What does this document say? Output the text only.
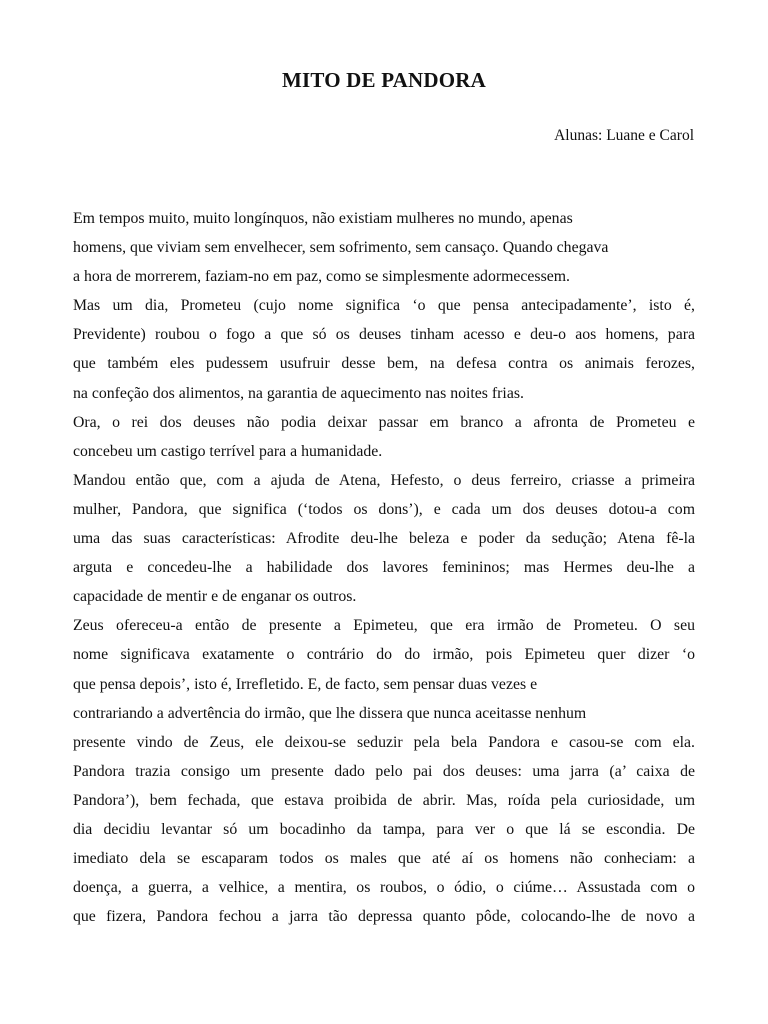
MITO DE PANDORA
Alunas: Luane e Carol
Em tempos muito, muito longínquos, não existiam mulheres no mundo, apenas
homens, que viviam sem envelhecer, sem sofrimento, sem cansaço. Quando chegava
a hora de morrerem, faziam-no em paz, como se simplesmente adormecessem.
Mas um dia, Prometeu (cujo nome significa ‘o que pensa antecipadamente’, isto é,
Previdente) roubou o fogo a que só os deuses tinham acesso e deu-o aos homens, para
que também eles pudessem usufruir desse bem, na defesa contra os animais ferozes,
na confeção dos alimentos, na garantia de aquecimento nas noites frias.
Ora, o rei dos deuses não podia deixar passar em branco a afronta de Prometeu e
concebeu um castigo terrível para a humanidade.
Mandou então que, com a ajuda de Atena, Hefesto, o deus ferreiro, criasse a primeira
mulher, Pandora, que significa (‘todos os dons’), e cada um dos deuses dotou-a com
uma das suas características: Afrodite deu-lhe beleza e poder da sedução; Atena fê-la
arguta e concedeu-lhe a habilidade dos lavores femininos; mas Hermes deu-lhe a
capacidade de mentir e de enganar os outros.
Zeus ofereceu-a então de presente a Epimeteu, que era irmão de Prometeu. O seu
nome significava exatamente o contrário do do irmão, pois Epimeteu quer dizer ‘o
que pensa depois’, isto é, Irrefletido. E, de facto, sem pensar duas vezes e
contrariando a advertência do irmão, que lhe dissera que nunca aceitasse nenhum
presente vindo de Zeus, ele deixou-se seduzir pela bela Pandora e casou-se com ela.
Pandora trazia consigo um presente dado pelo pai dos deuses: uma jarra (a’ caixa de
Pandora’), bem fechada, que estava proibida de abrir. Mas, roída pela curiosidade, um
dia decidiu levantar só um bocadinho da tampa, para ver o que lá se escondia. De
imediato dela se escaparam todos os males que até aí os homens não conheciam: a
doença, a guerra, a velhice, a mentira, os roubos, o ódio, o ciúme… Assustada com o
que fizera, Pandora fechou a jarra tão depressa quanto pôde, colocando-lhe de novo a
